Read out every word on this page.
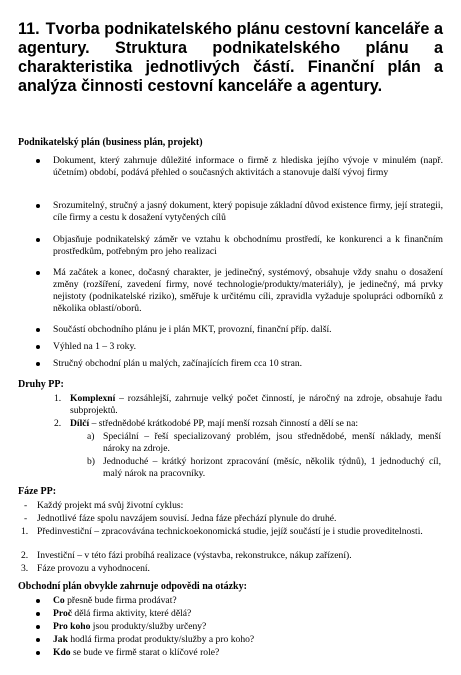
11. Tvorba podnikatelského plánu cestovní kanceláře a agentury. Struktura podnikatelského plánu a charakteristika jednotlivých částí. Finanční plán a analýza činnosti cestovní kanceláře a agentury.
Podnikatelský plán (business plán, projekt)
Dokument, který zahrnuje důležité informace o firmě z hlediska jejího vývoje v minulém (např. účetním) období, podává přehled o současných aktivitách a stanovuje další vývoj firmy
Srozumitelný, stručný a jasný dokument, který popisuje základní důvod existence firmy, její strategii, cíle firmy a cestu k dosažení vytyčených cílů
Objasňuje podnikatelský záměr ve vztahu k obchodnímu prostředí, ke konkurenci a k finančním prostředkům, potřebným pro jeho realizaci
Má začátek a konec, dočasný charakter, je jedinečný, systémový, obsahuje vždy snahu o dosažení změny (rozšíření, zavedení firmy, nové technologie/produkty/materiály), je jedinečný, má prvky nejistoty (podnikatelské riziko), směřuje k určitému cíli, zpravidla vyžaduje spolupráci odborníků z několika oblastí/oborů.
Součástí obchodního plánu je i plán MKT, provozní, finanční příp. další.
Výhled na 1 – 3 roky.
Stručný obchodní plán u malých, začínajících firem cca 10 stran.
Druhy PP:
1. Komplexní – rozsáhlejší, zahrnuje velký počet činností, je náročný na zdroje, obsahuje řadu subprojektů.
2. Dílčí – střednědobé krátkodobé PP, mají menší rozsah činností a dělí se na:
a) Speciální – řeší specializovaný problém, jsou střednědobé, menší náklady, menší nároky na zdroje.
b) Jednoduché – krátký horizont zpracování (měsíc, několik týdnů), 1 jednoduchý cíl, malý nárok na pracovníky.
Fáze PP:
- Každý projekt má svůj životní cyklus:
- Jednotlivé fáze spolu navzájem souvisí. Jedna fáze přechází plynule do druhé.
1. Předinvestiční – zpracovávána technickoekonomická studie, jejíž součástí je i studie proveditelnosti.
2. Investiční – v této fázi probíhá realizace (výstavba, rekonstrukce, nákup zařízení).
3. Fáze provozu a vyhodnocení.
Obchodní plán obvykle zahrnuje odpovědi na otázky:
Co přesně bude firma prodávat?
Proč dělá firma aktivity, které dělá?
Pro koho jsou produkty/služby určeny?
Jak hodlá firma prodat produkty/služby a pro koho?
Kdo se bude ve firmě starat o klíčové role?
